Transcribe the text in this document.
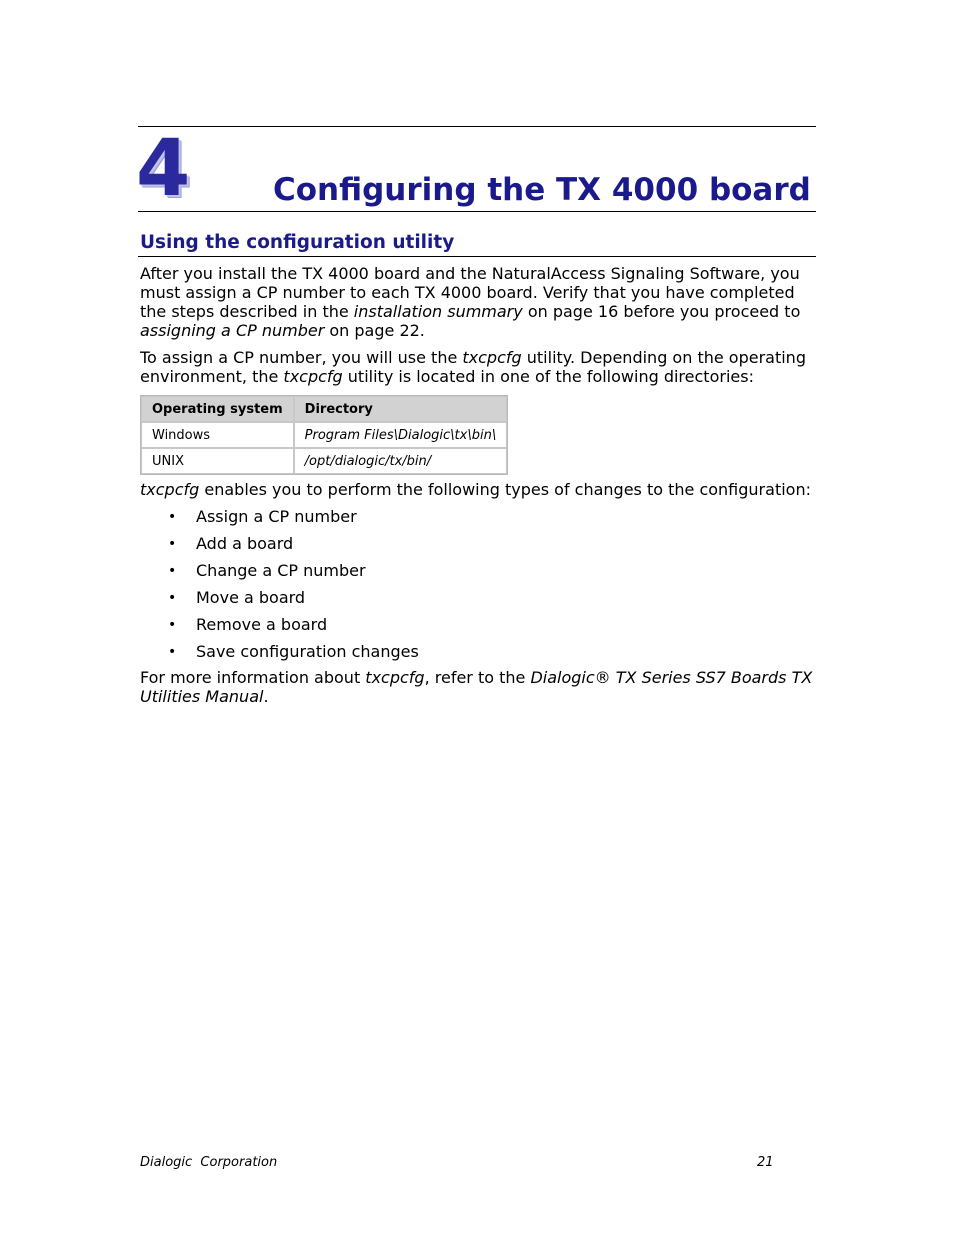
4	Configuring the TX 4000 board
Using the configuration utility

After you install the TX 4000 board and the NaturalAccess Signaling Software, you must assign a CP number to each TX 4000 board. Verify that you have completed the steps described in the installation summary on page 16 before you proceed to assigning a CP number on page 22.

To assign a CP number, you will use the txcpcfg utility. Depending on the operating environment, the txcpcfg utility is located in one of the following directories:

Operating system	Directory
Windows	Program Files\Dialogic\tx\bin\
UNIX	/opt/dialogic/tx/bin/

txcpcfg enables you to perform the following types of changes to the configuration:

• Assign a CP number
• Add a board
• Change a CP number
• Move a board
• Remove a board
• Save configuration changes

For more information about txcpcfg, refer to the Dialogic® TX Series SS7 Boards TX Utilities Manual.

Dialogic  Corporation	21
